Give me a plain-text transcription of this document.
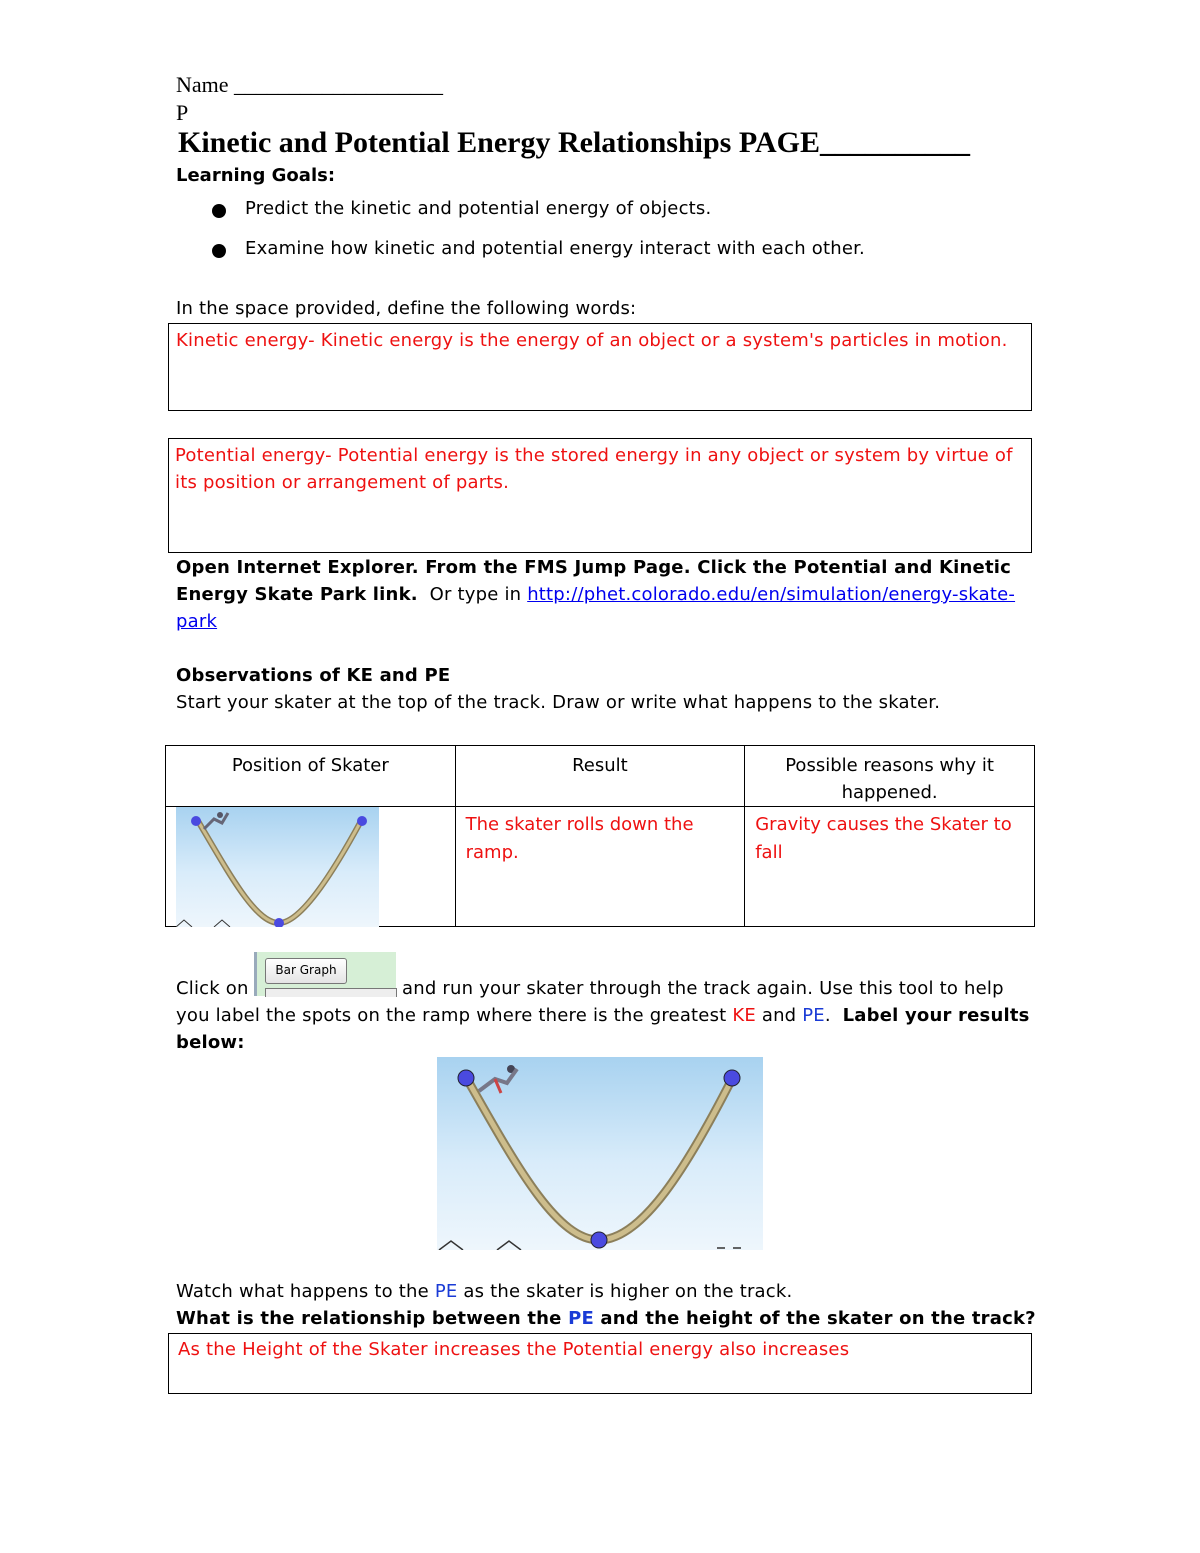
Name ___________________
P
Kinetic and Potential Energy Relationships PAGE__________
Learning Goals:
Predict the kinetic and potential energy of objects.
Examine how kinetic and potential energy interact with each other.
In the space provided, define the following words:
Kinetic energy- Kinetic energy is the energy of an object or a system's particles in motion.
Potential energy- Potential energy is the stored energy in any object or system by virtue of
its position or arrangement of parts.
Open Internet Explorer. From the FMS Jump Page. Click the Potential and Kinetic
Energy Skate Park link.  Or type in http://phet.colorado.edu/en/simulation/energy-skate-
park
Observations of KE and PE
Start your skater at the top of the track. Draw or write what happens to the skater.
Position of Skater	Result	Possible reasons why it happened.

The skater rolls down the ramp.	Gravity causes the Skater to fall
Click on
Bar Graph
and run your skater through the track again. Use this tool to help
you label the spots on the ramp where there is the greatest KE and PE.  Label your results
below:
Watch what happens to the PE as the skater is higher on the track.
What is the relationship between the PE and the height of the skater on the track?
As the Height of the Skater increases the Potential energy also increases
